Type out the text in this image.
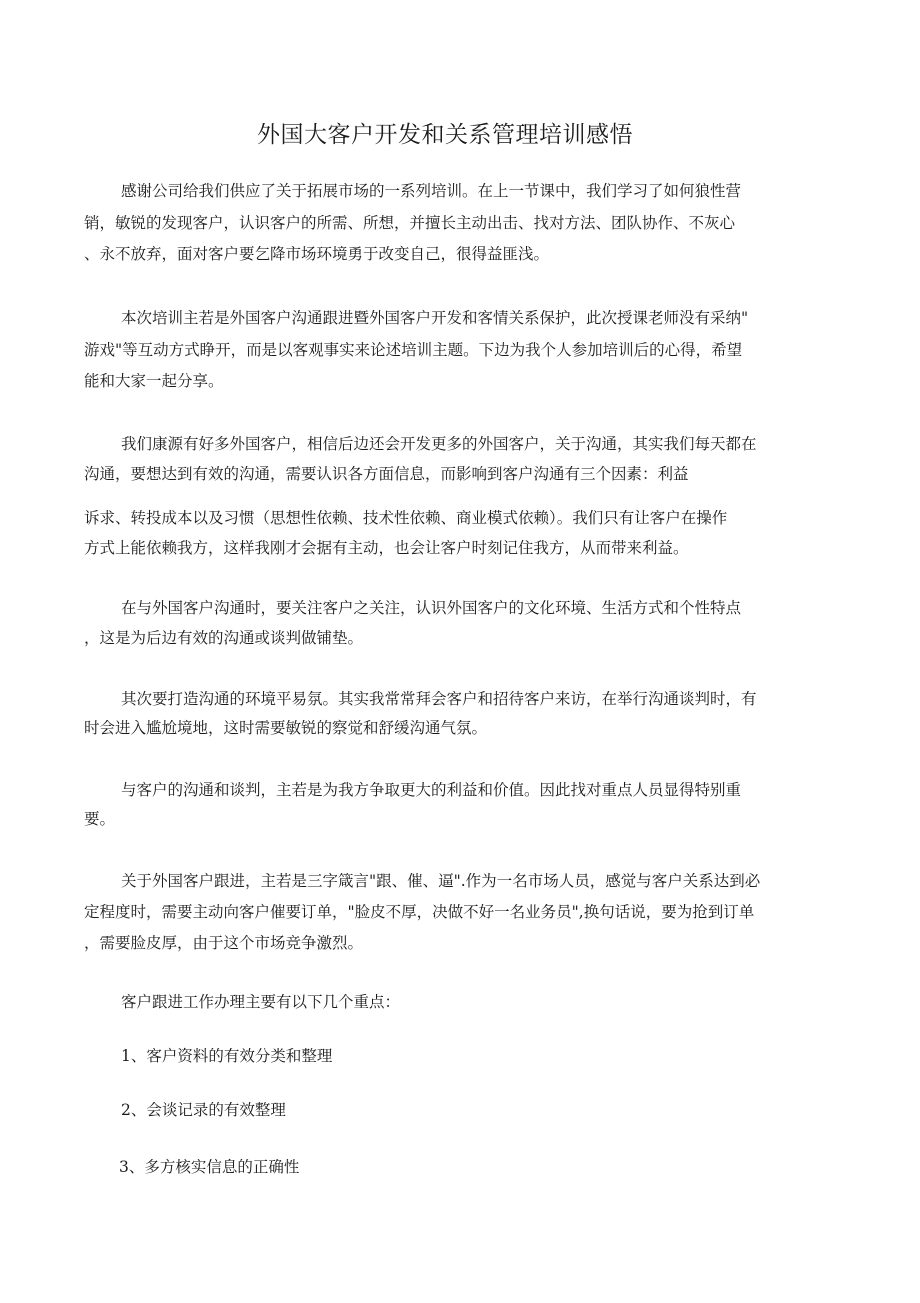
外国大客户开发和关系管理培训感悟
感谢公司给我们供应了关于拓展市场的一系列培训。在上一节课中，我们学习了如何狼性营
销，敏锐的发现客户，认识客户的所需、所想，并擅长主动出击、找对方法、团队协作、不灰心
、永不放弃，面对客户要乞降市场环境勇于改变自己，很得益匪浅。
本次培训主若是外国客户沟通跟进暨外国客户开发和客情关系保护，此次授课老师没有采纳"
游戏"等互动方式睁开，而是以客观事实来论述培训主题。下边为我个人参加培训后的心得，希望
能和大家一起分享。
我们康源有好多外国客户，相信后边还会开发更多的外国客户，关于沟通，其实我们每天都在
沟通，要想达到有效的沟通，需要认识各方面信息，而影响到客户沟通有三个因素：利益
诉求、转投成本以及习惯（思想性依赖、技术性依赖、商业模式依赖）。我们只有让客户在操作
方式上能依赖我方，这样我刚才会据有主动，也会让客户时刻记住我方，从而带来利益。
在与外国客户沟通时，要关注客户之关注，认识外国客户的文化环境、生活方式和个性特点
，这是为后边有效的沟通或谈判做铺垫。
其次要打造沟通的环境平易氛。其实我常常拜会客户和招待客户来访，在举行沟通谈判时，有
时会进入尴尬境地，这时需要敏锐的察觉和舒缓沟通气氛。
与客户的沟通和谈判，主若是为我方争取更大的利益和价值。因此找对重点人员显得特别重
要。
关于外国客户跟进，主若是三字箴言"跟、催、逼".作为一名市场人员，感觉与客户关系达到必
定程度时，需要主动向客户催要订单，"脸皮不厚，决做不好一名业务员",换句话说，要为抢到订单
，需要脸皮厚，由于这个市场竞争激烈。
客户跟进工作办理主要有以下几个重点：
1、客户资料的有效分类和整理
2、会谈记录的有效整理
3、多方核实信息的正确性
